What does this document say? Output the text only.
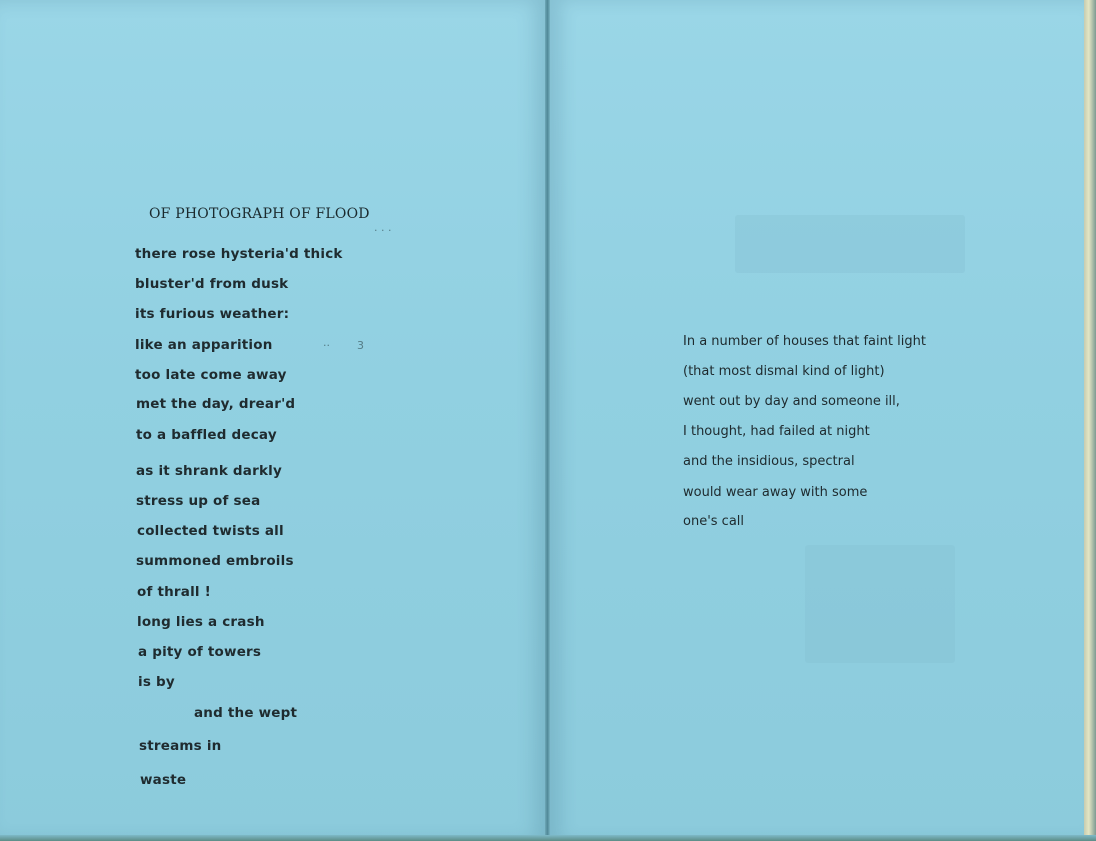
OF PHOTOGRAPH OF FLOOD
· · ·

there rose hysteria'd thick

bluster'd from dusk

its furious weather:

like an apparition	·· 3

too late come away

met the day, drear'd

to a baffled decay

as it shrank darkly

stress up of sea

collected twists all

summoned embroils

of thrall !

long lies a crash

a pity of towers

is by

and the wept

streams in

waste

In a number of houses that faint light

(that most dismal kind of light)

went out by day and someone ill,

I thought, had failed at night

and the insidious, spectral

would wear away with some

one's call
